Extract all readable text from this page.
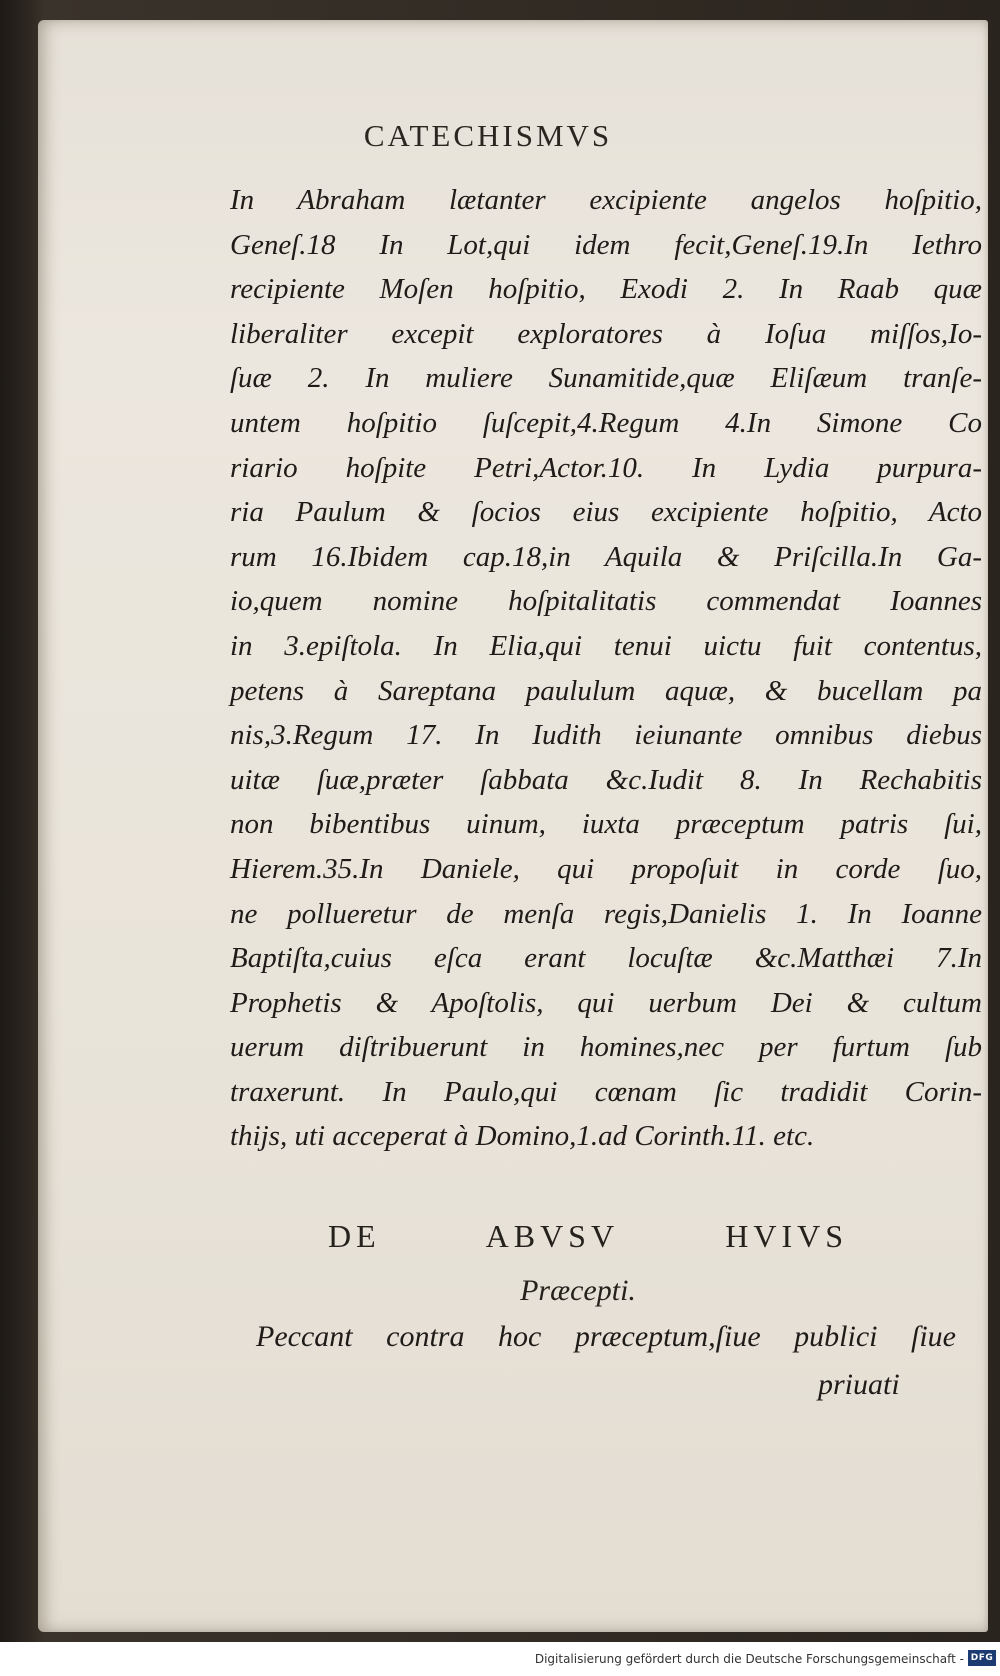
CATECHISMVS
In Abraham lætanter excipiente angelos hoſpitio,
Geneſ.18 In Lot,qui idem fecit,Geneſ.19.In Iethro
recipiente Moſen hoſpitio, Exodi 2. In Raab quæ
liberaliter excepit exploratores à Ioſua miſſos,Io-
ſuæ 2. In muliere Sunamitide,quæ Eliſæum tranſe-
untem hoſpitio ſuſcepit,4.Regum 4.In Simone Co
riario hoſpite Petri,Actor.10. In Lydia purpura-
ria Paulum & ſocios eius excipiente hoſpitio, Acto
rum 16.Ibidem cap.18,in Aquila & Priſcilla.In Ga-
io,quem nomine hoſpitalitatis commendat Ioannes
in 3.epiſtola. In Elia,qui tenui uictu fuit contentus,
petens à Sareptana paululum aquæ, & bucellam pa
nis,3.Regum 17. In Iudith ieiunante omnibus diebus
uitæ ſuæ,præter ſabbata &c.Iudit 8. In Rechabitis
non bibentibus uinum, iuxta præceptum patris ſui,
Hierem.35.In Daniele, qui propoſuit in corde ſuo,
ne pollueretur de menſa regis,Danielis 1. In Ioanne
Baptiſta,cuius eſca erant locuſtæ &c.Matthæi 7.In
Prophetis & Apoſtolis, qui uerbum Dei & cultum
uerum diſtribuerunt in homines,nec per furtum ſub
traxerunt. In Paulo,qui cœnam ſic tradidit Corin-
thijs, uti acceperat à Domino,1.ad Corinth.11. etc.
DE ABVSV HVIVS
Præcepti.
Peccant contra hoc præceptum,ſiue publici ſiue
priuati
Digitalisierung gefördert durch die Deutsche Forschungsgemeinschaft - DFG
